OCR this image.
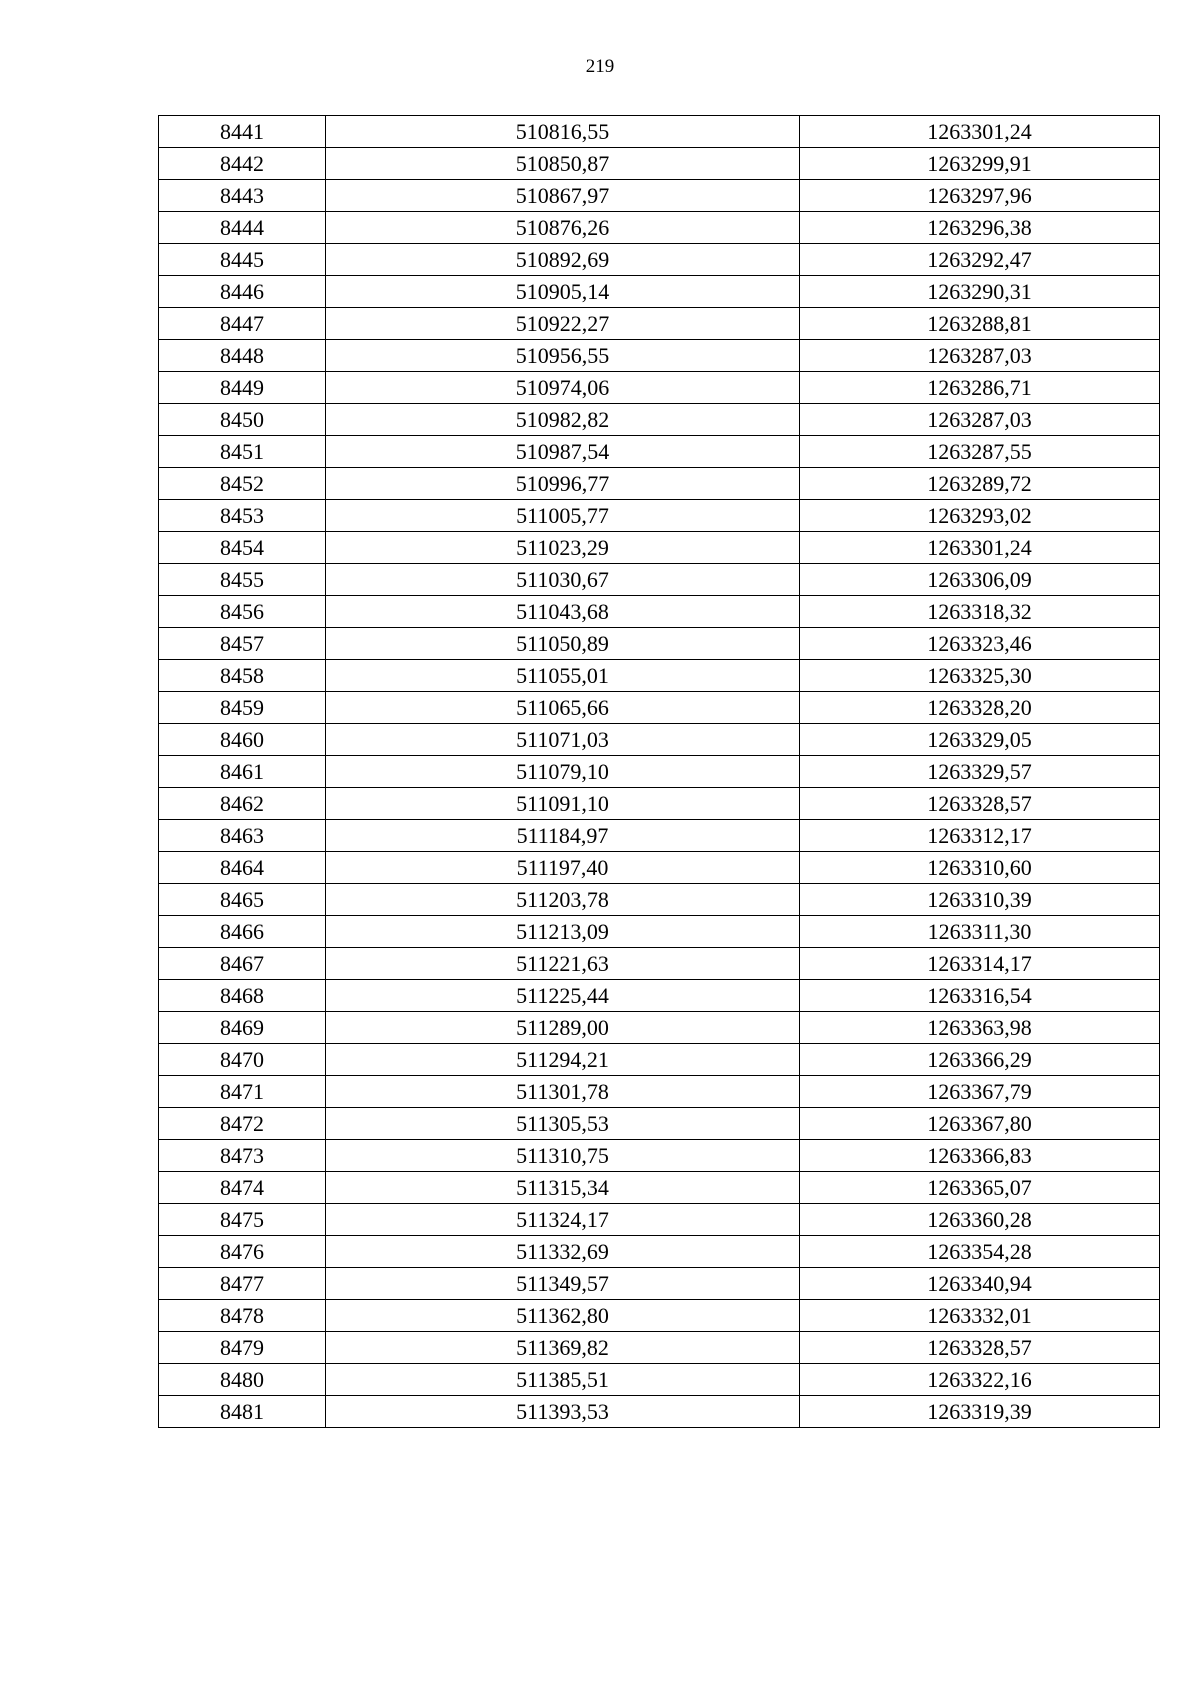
219
8441	510816,55	1263301,24
8442	510850,87	1263299,91
8443	510867,97	1263297,96
8444	510876,26	1263296,38
8445	510892,69	1263292,47
8446	510905,14	1263290,31
8447	510922,27	1263288,81
8448	510956,55	1263287,03
8449	510974,06	1263286,71
8450	510982,82	1263287,03
8451	510987,54	1263287,55
8452	510996,77	1263289,72
8453	511005,77	1263293,02
8454	511023,29	1263301,24
8455	511030,67	1263306,09
8456	511043,68	1263318,32
8457	511050,89	1263323,46
8458	511055,01	1263325,30
8459	511065,66	1263328,20
8460	511071,03	1263329,05
8461	511079,10	1263329,57
8462	511091,10	1263328,57
8463	511184,97	1263312,17
8464	511197,40	1263310,60
8465	511203,78	1263310,39
8466	511213,09	1263311,30
8467	511221,63	1263314,17
8468	511225,44	1263316,54
8469	511289,00	1263363,98
8470	511294,21	1263366,29
8471	511301,78	1263367,79
8472	511305,53	1263367,80
8473	511310,75	1263366,83
8474	511315,34	1263365,07
8475	511324,17	1263360,28
8476	511332,69	1263354,28
8477	511349,57	1263340,94
8478	511362,80	1263332,01
8479	511369,82	1263328,57
8480	511385,51	1263322,16
8481	511393,53	1263319,39
